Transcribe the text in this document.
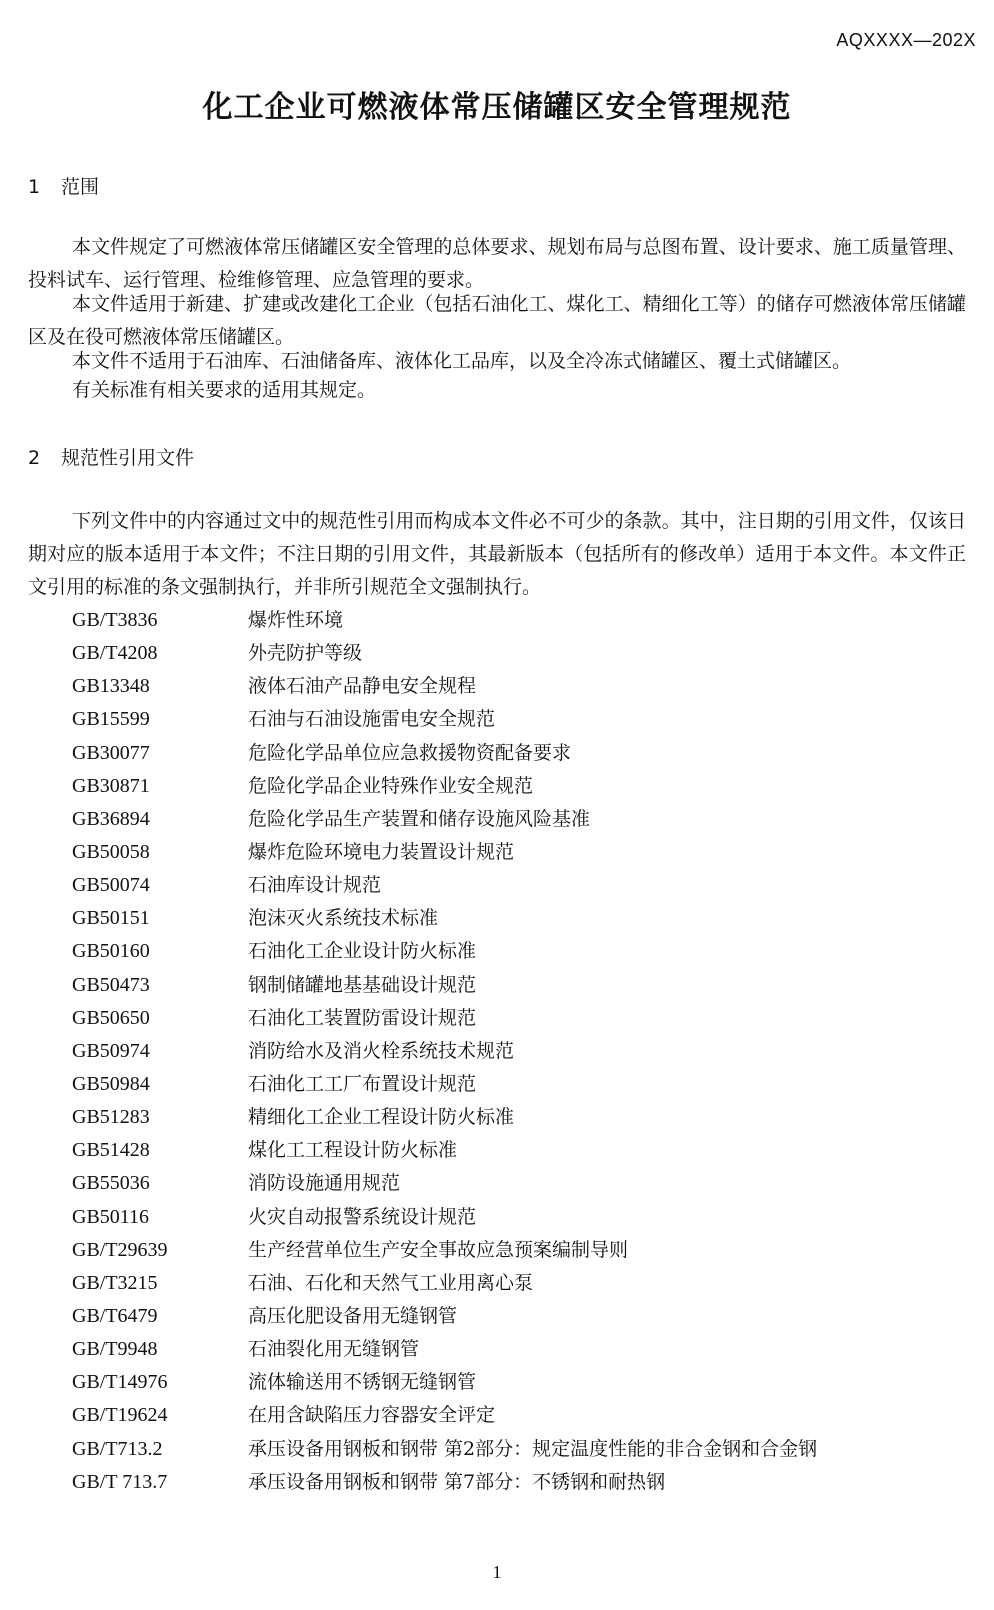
AQXXXX—202X
化工企业可燃液体常压储罐区安全管理规范
1 范围

本文件规定了可燃液体常压储罐区安全管理的总体要求、规划布局与总图布置、设计要求、施工质量管理、投料试车、运行管理、检维修管理、应急管理的要求。

本文件适用于新建、扩建或改建化工企业（包括石油化工、煤化工、精细化工等）的储存可燃液体常压储罐区及在役可燃液体常压储罐区。

本文件不适用于石油库、石油储备库、液体化工品库，以及全冷冻式储罐区、覆土式储罐区。

有关标准有相关要求的适用其规定。

2 规范性引用文件

下列文件中的内容通过文中的规范性引用而构成本文件必不可少的条款。其中，注日期的引用文件，仅该日期对应的版本适用于本文件；不注日期的引用文件，其最新版本（包括所有的修改单）适用于本文件。本文件正文引用的标准的条文强制执行，并非所引规范全文强制执行。

GB/T3836	爆炸性环境
GB/T4208	外壳防护等级
GB13348	液体石油产品静电安全规程
GB15599	石油与石油设施雷电安全规范
GB30077	危险化学品单位应急救援物资配备要求
GB30871	危险化学品企业特殊作业安全规范
GB36894	危险化学品生产装置和储存设施风险基准
GB50058	爆炸危险环境电力装置设计规范
GB50074	石油库设计规范
GB50151	泡沫灭火系统技术标准
GB50160	石油化工企业设计防火标准
GB50473	钢制储罐地基基础设计规范
GB50650	石油化工装置防雷设计规范
GB50974	消防给水及消火栓系统技术规范
GB50984	石油化工工厂布置设计规范
GB51283	精细化工企业工程设计防火标准
GB51428	煤化工工程设计防火标准
GB55036	消防设施通用规范
GB50116	火灾自动报警系统设计规范
GB/T29639	生产经营单位生产安全事故应急预案编制导则
GB/T3215	石油、石化和天然气工业用离心泵
GB/T6479	高压化肥设备用无缝钢管
GB/T9948	石油裂化用无缝钢管
GB/T14976	流体输送用不锈钢无缝钢管
GB/T19624	在用含缺陷压力容器安全评定
GB/T713.2	承压设备用钢板和钢带 第2部分：规定温度性能的非合金钢和合金钢
GB/T 713.7	承压设备用钢板和钢带 第7部分：不锈钢和耐热钢
1
